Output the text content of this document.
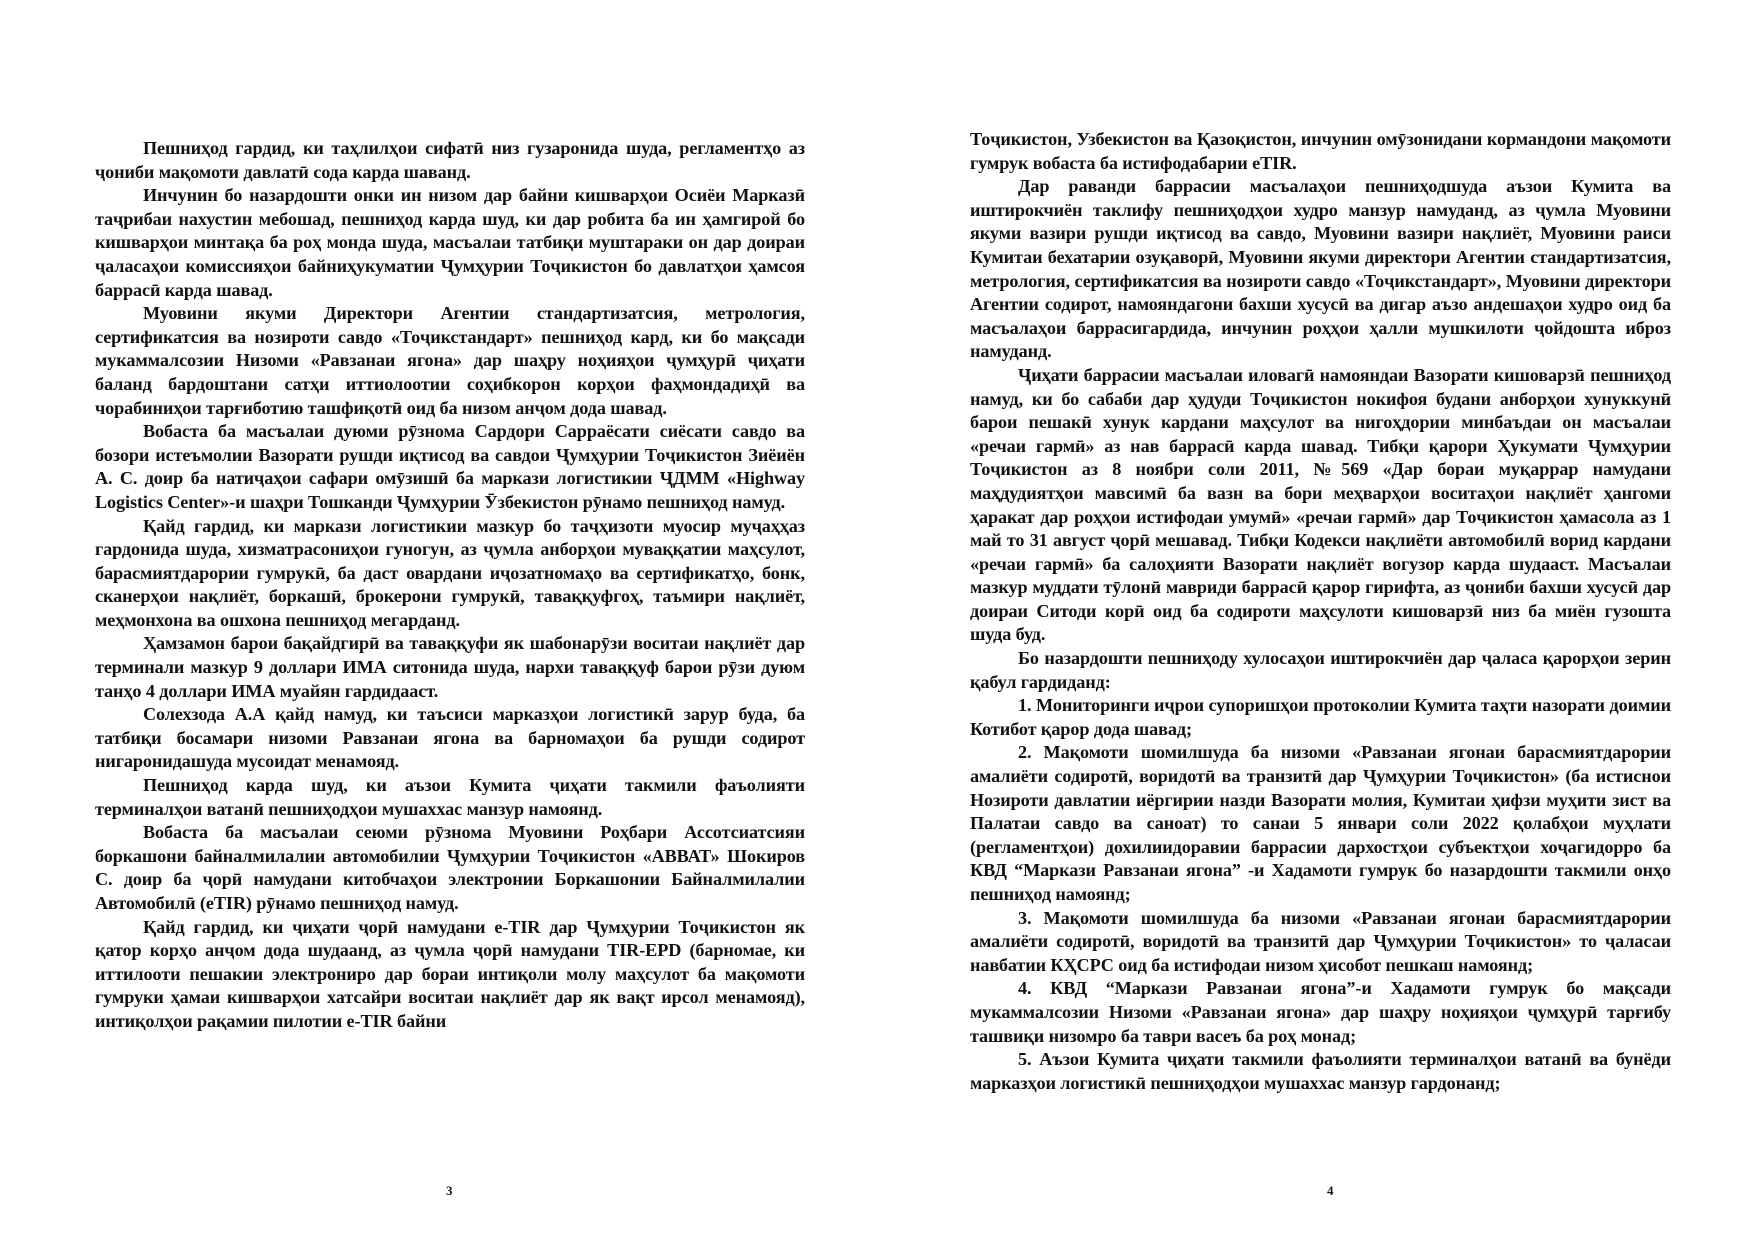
Пешниҳод гардид, ки таҳлилҳои сифатӣ низ гузаронида шуда, регламентҳо аз ҷониби мақомоти давлатӣ сода карда шаванд.

Инчунин бо назардошти онки ин низом дар байни кишварҳои Осиёи Марказӣ таҷрибаи нахустин мебошад, пешниҳод карда шуд, ки дар робита ба ин ҳамгирой бо кишварҳои минтақа ба роҳ монда шуда, масъалаи татбиқи муштараки он дар доираи ҷаласаҳои комиссияҳои байниҳукуматии Ҷумҳурии Тоҷикистон бо давлатҳои ҳамсоя баррасӣ карда шавад.

Муовини якуми Директори Агентии стандартизатсия, метрология, сертификатсия ва нозироти савдо «Тоҷикстандарт» пешниҳод кард, ки бо мақсади мукаммалсозии Низоми «Равзанаи ягона» дар шаҳру ноҳияҳои ҷумҳурӣ ҷиҳати баланд бардоштани сатҳи иттиолоотии соҳибкорон корҳои фаҳмондадиҳӣ ва чорабиниҳои тарғиботию ташфиқотӣ оид ба низом анҷом дода шавад.

Вобаста ба масъалаи дуюми рӯзнома Сардори Сарраёсати сиёсати савдо ва бозори истеъмолии Вазорати рушди иқтисод ва савдои Ҷумҳурии Тоҷикистон Зиёиён А. С. доир ба натиҷаҳои сафари омӯзишӣ ба маркази логистикии ҶДММ «Highway Logistics Center»-и шаҳри Тошканди Ҷумҳурии Ӯзбекистон рӯнамо пешниҳод намуд.

Қайд гардид, ки маркази логистикии мазкур бо таҷҳизоти муосир муҷаҳҳаз гардонида шуда, хизматрасониҳои гуногун, аз ҷумла анборҳои муваққатии маҳсулот, барасмиятдарории гумрукӣ, ба даст овардани иҷозатномаҳо ва сертификатҳо, бонк, сканерҳои нақлиёт, боркашӣ, брокерони гумрукӣ, таваққуфгоҳ, таъмири нақлиёт, меҳмонхона ва ошхона пешниҳод мегарданд.

Ҳамзамон барои бақайдгирӣ ва таваққуфи як шабонарӯзи воситаи нақлиёт дар терминали мазкур 9 доллари ИМА ситонида шуда, нархи таваққуф барои рӯзи дуюм танҳо 4 доллари ИМА муайян гардидааст.

Солехзода А.А қайд намуд, ки таъсиси марказҳои логистикӣ зарур буда, ба татбиқи босамари низоми Равзанаи ягона ва барномаҳои ба рушди содирот нигаронидашуда мусоидат менамояд.

Пешниҳод карда шуд, ки аъзои Кумита ҷиҳати такмили фаъолияти терминалҳои ватанӣ пешниҳодҳои мушаххас манзур намоянд.

Вобаста ба масъалаи сеюми рӯзнома Муовини Роҳбари Ассотсиатсияи боркашони байналмилалии автомобилии Ҷумҳурии Тоҷикистон «АВВАТ» Шокиров С. доир ба ҷорӣ намудани китобчаҳои электронии Боркашонии Байналмилалии Автомобилӣ (eTIR) рӯнамо пешниҳод намуд.

Қайд гардид, ки ҷиҳати ҷорӣ намудани e-TIR дар Ҷумҳурии Тоҷикистон як қатор корҳо анҷом дода шудаанд, аз ҷумла ҷорӣ намудани TIR-EPD (барномае, ки иттилооти пешакии электрониро дар бораи интиқоли молу маҳсулот ба мақомоти гумруки ҳамаи кишварҳои хатсайри воситаи нақлиёт дар як вақт ирсол менамояд), интиқолҳои рақамии пилотии e-TIR байни

3

Тоҷикистон, Узбекистон ва Қазоқистон, инчунин омӯзонидани кормандони мақомоти гумрук вобаста ба истифодабарии eTIR.

Дар раванди баррасии масъалаҳои пешниҳодшуда аъзои Кумита ва иштирокчиён таклифу пешниҳодҳои худро манзур намуданд, аз ҷумла Муовини якуми вазири рушди иқтисод ва савдо, Муовини вазири нақлиёт, Муовини раиси Кумитаи бехатарии озуқаворӣ, Муовини якуми директори Агентии стандартизатсия, метрология, сертификатсия ва нозироти савдо «Тоҷикстандарт», Муовини директори Агентии содирот, намояндагони бахши хусусӣ ва дигар аъзо андешаҳои худро оид ба масъалаҳои баррасигардида, инчунин роҳҳои ҳалли мушкилоти ҷойдошта иброз намуданд.

Ҷиҳати баррасии масъалаи иловагӣ намояндаи Вазорати кишоварзӣ пешниҳод намуд, ки бо сабаби дар ҳудуди Тоҷикистон нокифоя будани анборҳои хунуккунӣ барои пешакӣ хунук кардани маҳсулот ва нигоҳдории минбаъдаи он масъалаи «речаи гармӣ» аз нав баррасӣ карда шавад. Тибқи қарори Ҳукумати Ҷумҳурии Тоҷикистон аз 8 ноябри соли 2011, №569 «Дар бораи муқаррар намудани маҳдудиятҳои мавсимӣ ба вазн ва бори меҳварҳои воситаҳои нақлиёт ҳангоми ҳаракат дар роҳҳои истифодаи умумӣ» «речаи гармӣ» дар Тоҷикистон ҳамасола аз 1 май то 31 август ҷорӣ мешавад. Тибқи Кодекси нақлиёти автомобилӣ ворид кардани «речаи гармӣ» ба салоҳияти Вазорати нақлиёт вогузор карда шудааст. Масъалаи мазкур муддати тӯлонӣ мавриди баррасӣ қарор гирифта, аз ҷониби бахши хусусӣ дар доираи Ситоди корӣ оид ба содироти маҳсулоти кишоварзӣ низ ба миён гузошта шуда буд.

Бо назардошти пешниҳоду хулосаҳои иштирокчиён дар ҷаласа қарорҳои зерин қабул гардиданд:

1. Мониторинги иҷрои супоришҳои протоколии Кумита таҳти назорати доимии Котибот қарор дода шавад;

2. Мақомоти шомилшуда ба низоми «Равзанаи ягонаи барасмиятдарории амалиёти содиротӣ, воридотӣ ва транзитӣ дар Ҷумҳурии Тоҷикистон» (ба истиснои Нозироти давлатии иёргирии назди Вазорати молия, Кумитаи ҳифзи муҳити зист ва Палатаи савдо ва саноат) то санаи 5 январи соли 2022 қолабҳои муҳлати (регламентҳои) дохилиидоравии баррасии дархостҳои субъектҳои хоҷагидорро ба КВД “Маркази Равзанаи ягона” -и Хадамоти гумрук бо назардошти такмили онҳо пешниҳод намоянд;

3. Мақомоти шомилшуда ба низоми «Равзанаи ягонаи барасмиятдарории амалиёти содиротӣ, воридотӣ ва транзитӣ дар Ҷумҳурии Тоҷикистон» то ҷаласаи навбатии КҲСРС оид ба истифодаи низом ҳисобот пешкаш намоянд;

4. КВД “Маркази Равзанаи ягона”-и Хадамоти гумрук бо мақсади мукаммалсозии Низоми «Равзанаи ягона» дар шаҳру ноҳияҳои ҷумҳурӣ тарғибу ташвиқи низомро ба таври васеъ ба роҳ монад;

5. Аъзои Кумита ҷиҳати такмили фаъолияти терминалҳои ватанӣ ва бунёди марказҳои логистикӣ пешниҳодҳои мушаххас манзур гардонанд;

4
